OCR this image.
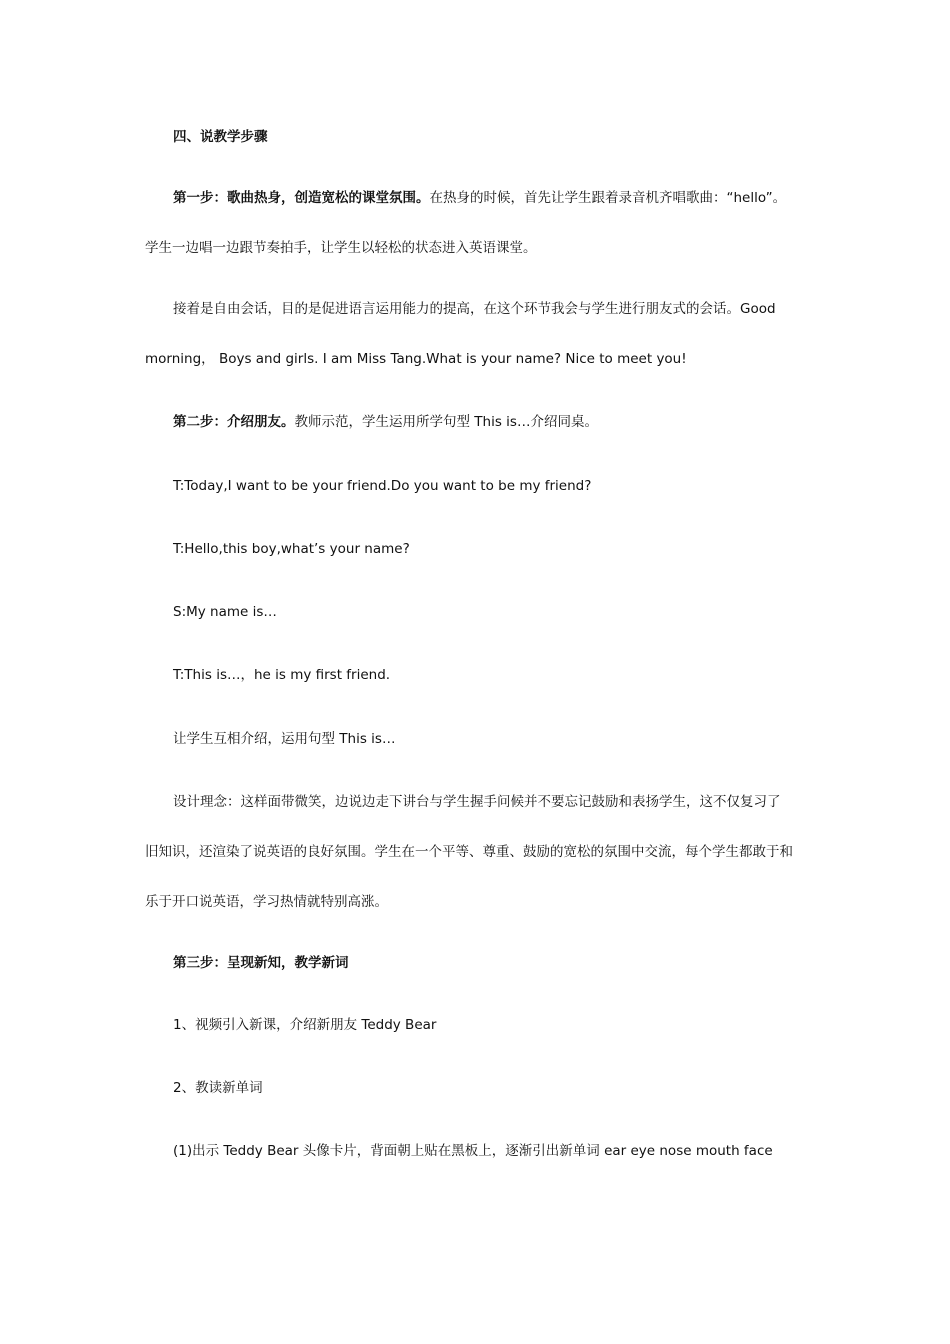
四、说教学步骤
第一步：歌曲热身，创造宽松的课堂氛围。在热身的时候，首先让学生跟着录音机齐唱歌曲：“hello”。
学生一边唱一边跟节奏拍手，让学生以轻松的状态进入英语课堂。
接着是自由会话，目的是促进语言运用能力的提高，在这个环节我会与学生进行朋友式的会话。Good
morning， Boys and girls. I am Miss Tang.What is your name? Nice to meet you!
第二步：介绍朋友。教师示范，学生运用所学句型 This is…介绍同桌。
T:Today,I want to be your friend.Do you want to be my friend?
T:Hello,this boy,what’s your name?
S:My name is…
T:This is…，he is my first friend.
让学生互相介绍，运用句型 This is…
设计理念：这样面带微笑，边说边走下讲台与学生握手问候并不要忘记鼓励和表扬学生，这不仅复习了
旧知识，还渲染了说英语的良好氛围。学生在一个平等、尊重、鼓励的宽松的氛围中交流，每个学生都敢于和
乐于开口说英语，学习热情就特别高涨。
第三步：呈现新知，教学新词
1、视频引入新课，介绍新朋友 Teddy Bear
2、教读新单词
(1)出示 Teddy Bear 头像卡片，背面朝上贴在黑板上，逐渐引出新单词 ear eye nose mouth face
